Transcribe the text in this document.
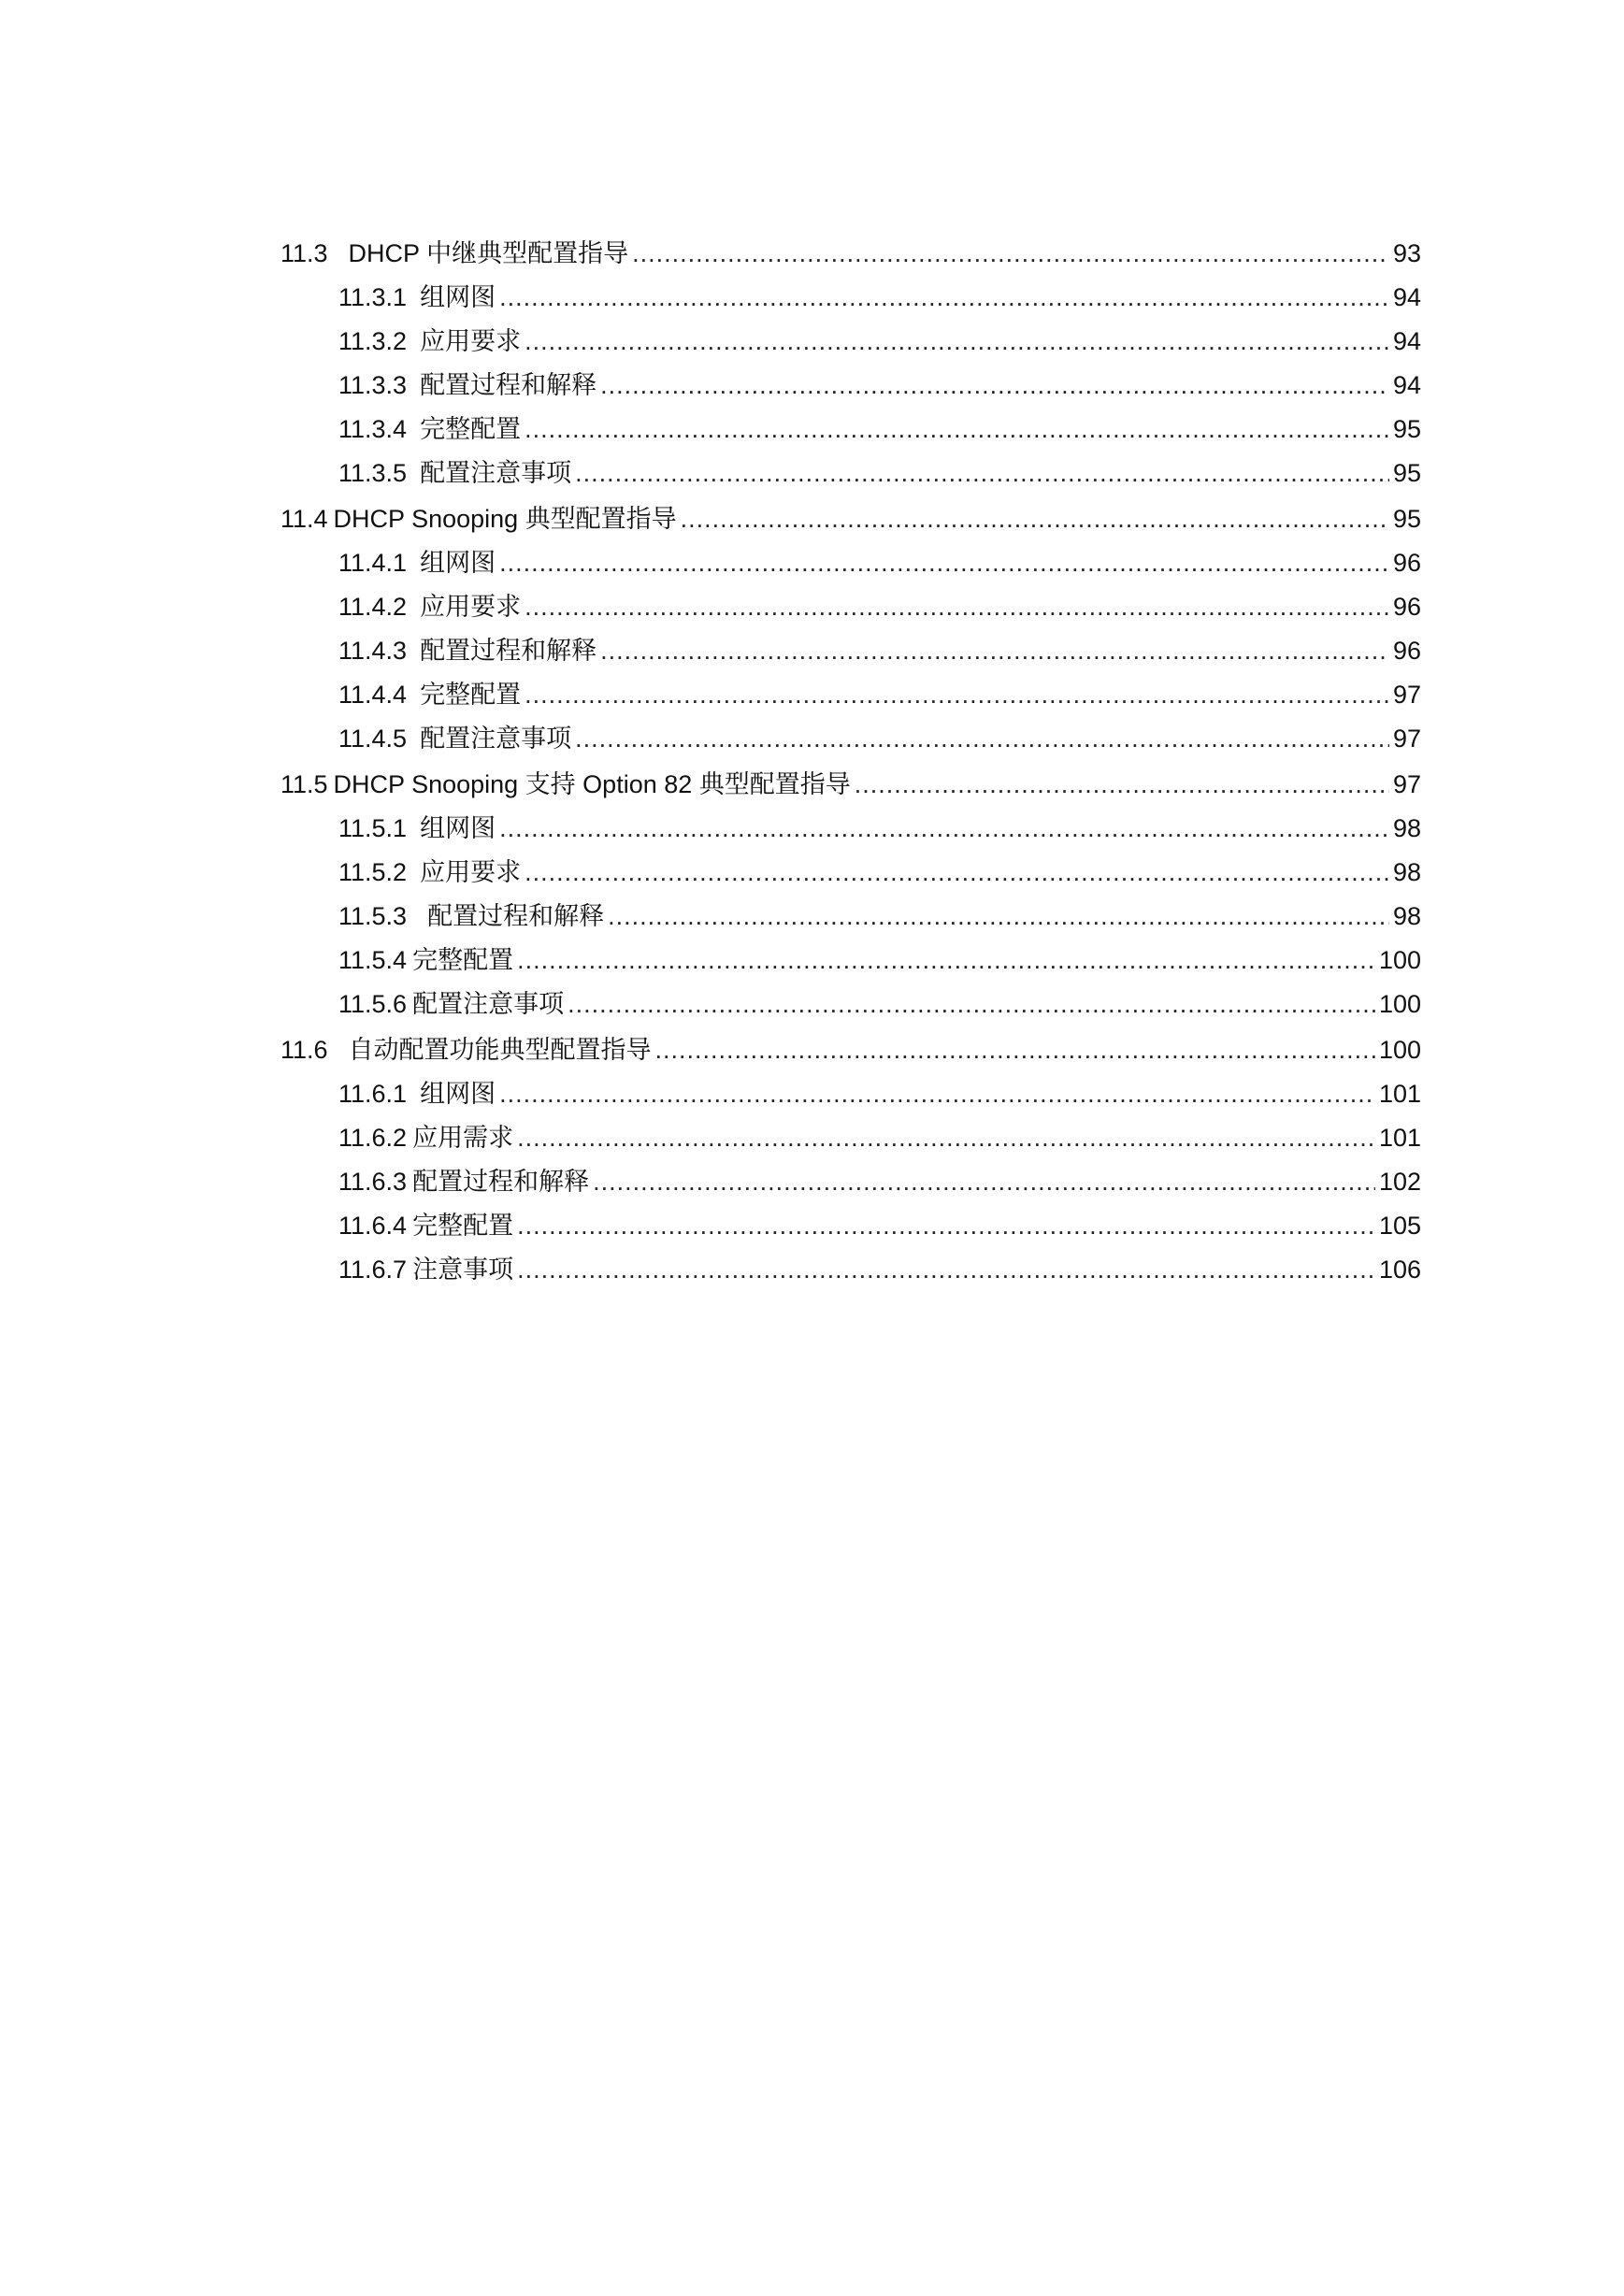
11.3 DHCP 中继典型配置指导 .....	93
11.3.1 组网图 .....	94
11.3.2 应用要求 .....	94
11.3.3 配置过程和解释 .....	94
11.3.4 完整配置 .....	95
11.3.5 配置注意事项 .....	95
11.4 DHCP Snooping 典型配置指导 .....	95
11.4.1 组网图 .....	96
11.4.2 应用要求 .....	96
11.4.3 配置过程和解释 .....	96
11.4.4 完整配置 .....	97
11.4.5 配置注意事项 .....	97
11.5 DHCP Snooping 支持 Option 82 典型配置指导 .....	97
11.5.1 组网图 .....	98
11.5.2 应用要求 .....	98
11.5.3 配置过程和解释 .....	98
11.5.4 完整配置 .....	100
11.5.6 配置注意事项 .....	100
11.6 自动配置功能典型配置指导 .....	100
11.6.1 组网图 .....	101
11.6.2 应用需求 .....	101
11.6.3 配置过程和解释 .....	102
11.6.4 完整配置 .....	105
11.6.7 注意事项 .....	106
